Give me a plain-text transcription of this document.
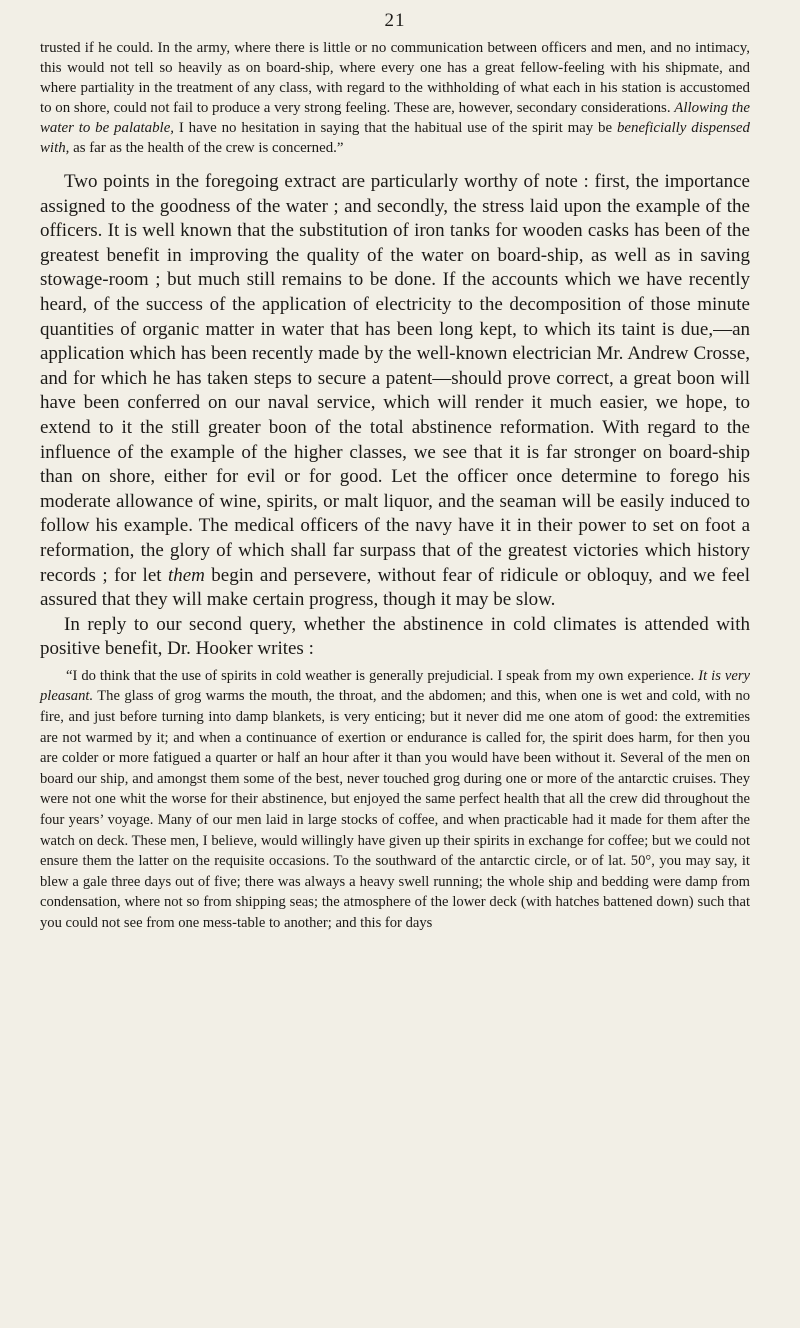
21

trusted if he could. In the army, where there is little or no communication between officers and men, and no intimacy, this would not tell so heavily as on board-ship, where every one has a great fellow-feeling with his shipmate, and where partiality in the treatment of any class, with regard to the withholding of what each in his station is accustomed to on shore, could not fail to produce a very strong feeling. These are, however, secondary considerations. Allowing the water to be palatable, I have no hesitation in saying that the habitual use of the spirit may be beneficially dispensed with, as far as the health of the crew is concerned.”

Two points in the foregoing extract are particularly worthy of note : first, the importance assigned to the goodness of the water ; and secondly, the stress laid upon the example of the officers. It is well known that the substitution of iron tanks for wooden casks has been of the greatest benefit in improving the quality of the water on board-ship, as well as in saving stowage-room ; but much still remains to be done. If the accounts which we have recently heard, of the success of the application of electricity to the decomposition of those minute quantities of organic matter in water that has been long kept, to which its taint is due,—an application which has been recently made by the well-known electrician Mr. Andrew Crosse, and for which he has taken steps to secure a patent—should prove correct, a great boon will have been conferred on our naval service, which will render it much easier, we hope, to extend to it the still greater boon of the total abstinence reformation. With regard to the influence of the example of the higher classes, we see that it is far stronger on board-ship than on shore, either for evil or for good. Let the officer once determine to forego his moderate allowance of wine, spirits, or malt liquor, and the seaman will be easily induced to follow his example. The medical officers of the navy have it in their power to set on foot a reformation, the glory of which shall far surpass that of the greatest victories which history records ; for let them begin and persevere, without fear of ridicule or obloquy, and we feel assured that they will make certain progress, though it may be slow.

In reply to our second query, whether the abstinence in cold climates is attended with positive benefit, Dr. Hooker writes :

“I do think that the use of spirits in cold weather is generally prejudicial. I speak from my own experience. It is very pleasant. The glass of grog warms the mouth, the throat, and the abdomen; and this, when one is wet and cold, with no fire, and just before turning into damp blankets, is very enticing; but it never did me one atom of good: the extremities are not warmed by it; and when a continuance of exertion or endurance is called for, the spirit does harm, for then you are colder or more fatigued a quarter or half an hour after it than you would have been without it. Several of the men on board our ship, and amongst them some of the best, never touched grog during one or more of the antarctic cruises. They were not one whit the worse for their abstinence, but enjoyed the same perfect health that all the crew did throughout the four years’ voyage. Many of our men laid in large stocks of coffee, and when practicable had it made for them after the watch on deck. These men, I believe, would willingly have given up their spirits in exchange for coffee; but we could not ensure them the latter on the requisite occasions. To the southward of the antarctic circle, or of lat. 50°, you may say, it blew a gale three days out of five; there was always a heavy swell running; the whole ship and bedding were damp from condensation, where not so from shipping seas; the atmosphere of the lower deck (with hatches battened down) such that you could not see from one mess-table to another; and this for days
